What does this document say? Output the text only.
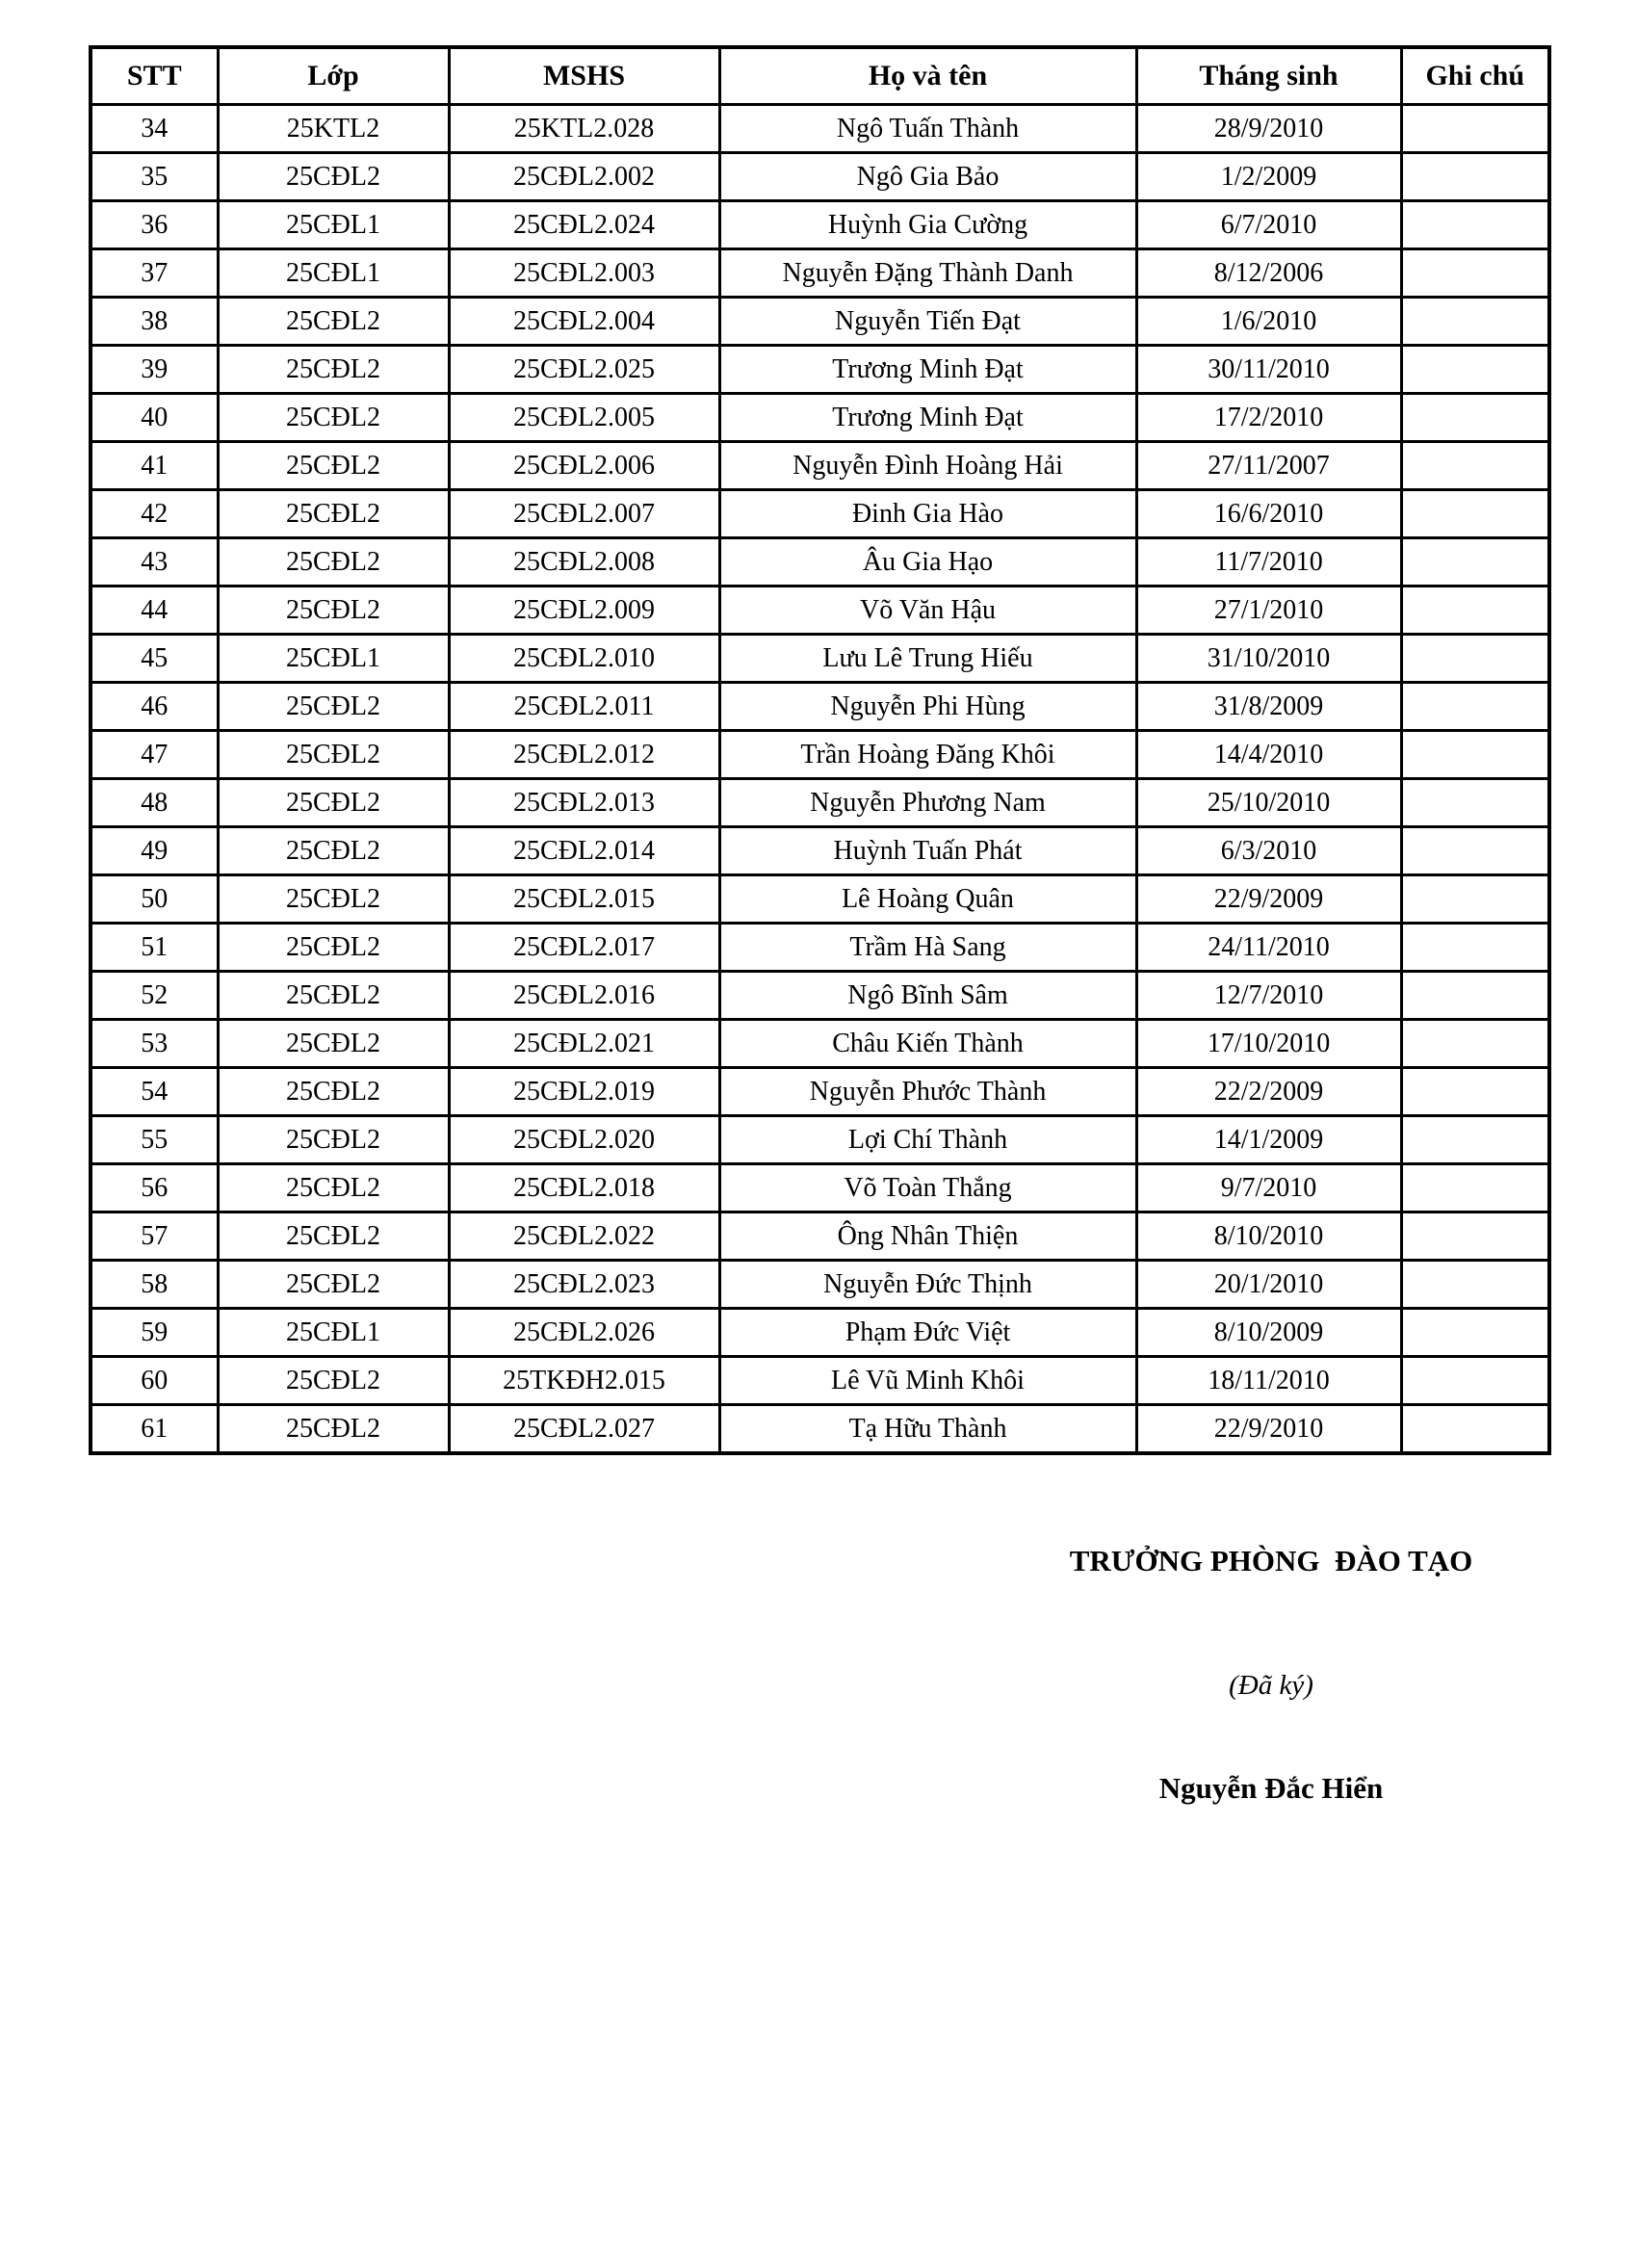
STT	Lớp	MSHS	Họ và tên	Tháng sinh	Ghi chú
34	25KTL2	25KTL2.028	Ngô Tuấn Thành	28/9/2010	
35	25CĐL2	25CĐL2.002	Ngô Gia Bảo	1/2/2009	
36	25CĐL1	25CĐL2.024	Huỳnh Gia Cường	6/7/2010	
37	25CĐL1	25CĐL2.003	Nguyễn Đặng Thành Danh	8/12/2006	
38	25CĐL2	25CĐL2.004	Nguyễn Tiến Đạt	1/6/2010	
39	25CĐL2	25CĐL2.025	Trương Minh Đạt	30/11/2010	
40	25CĐL2	25CĐL2.005	Trương Minh Đạt	17/2/2010	
41	25CĐL2	25CĐL2.006	Nguyễn Đình Hoàng Hải	27/11/2007	
42	25CĐL2	25CĐL2.007	Đinh Gia Hào	16/6/2010	
43	25CĐL2	25CĐL2.008	Âu Gia Hạo	11/7/2010	
44	25CĐL2	25CĐL2.009	Võ Văn Hậu	27/1/2010	
45	25CĐL1	25CĐL2.010	Lưu Lê Trung Hiếu	31/10/2010	
46	25CĐL2	25CĐL2.011	Nguyễn Phi Hùng	31/8/2009	
47	25CĐL2	25CĐL2.012	Trần Hoàng Đăng Khôi	14/4/2010	
48	25CĐL2	25CĐL2.013	Nguyễn Phương Nam	25/10/2010	
49	25CĐL2	25CĐL2.014	Huỳnh Tuấn Phát	6/3/2010	
50	25CĐL2	25CĐL2.015	Lê Hoàng Quân	22/9/2009	
51	25CĐL2	25CĐL2.017	Trầm Hà Sang	24/11/2010	
52	25CĐL2	25CĐL2.016	Ngô Bĩnh Sâm	12/7/2010	
53	25CĐL2	25CĐL2.021	Châu Kiến Thành	17/10/2010	
54	25CĐL2	25CĐL2.019	Nguyễn Phước Thành	22/2/2009	
55	25CĐL2	25CĐL2.020	Lợi Chí Thành	14/1/2009	
56	25CĐL2	25CĐL2.018	Võ Toàn Thắng	9/7/2010	
57	25CĐL2	25CĐL2.022	Ông Nhân Thiện	8/10/2010	
58	25CĐL2	25CĐL2.023	Nguyễn Đức Thịnh	20/1/2010	
59	25CĐL1	25CĐL2.026	Phạm Đức Việt	8/10/2009	
60	25CĐL2	25TKĐH2.015	Lê Vũ Minh Khôi	18/11/2010	
61	25CĐL2	25CĐL2.027	Tạ Hữu Thành	22/9/2010	
TRƯỞNG PHÒNG  ĐÀO TẠO
(Đã ký)
Nguyễn Đắc Hiển
